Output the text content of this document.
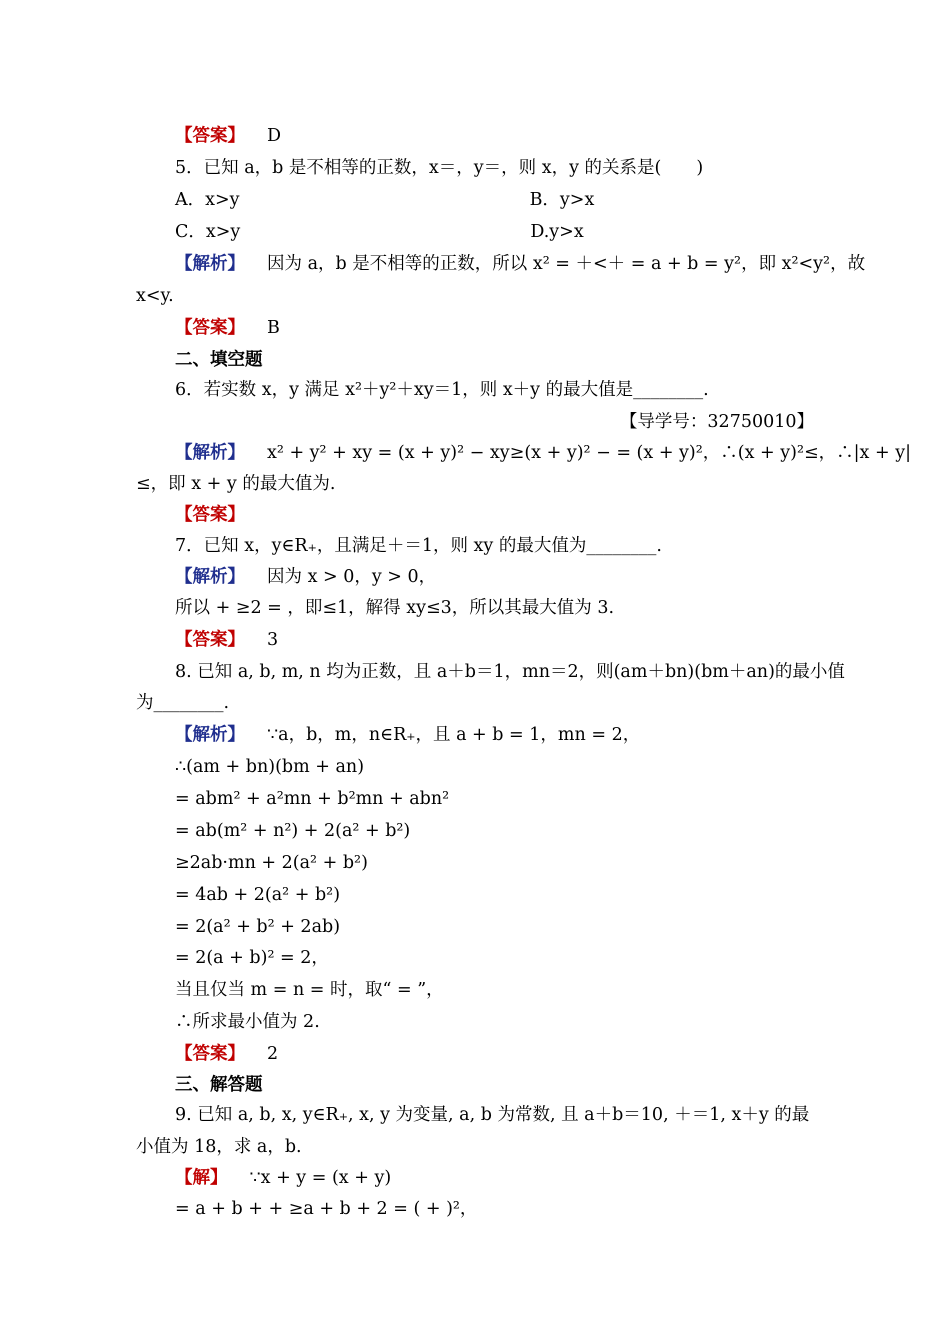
【答案】 D
5．已知 a，b 是不相等的正数，x＝，y＝，则 x，y 的关系是(　　)
A．x>y	B．y>x
C．x>y	D.y>x
【解析】 因为 a，b 是不相等的正数，所以 x² = ＋<＋ = a + b = y²，即 x²<y²，故
x<y.
【答案】 B
二、填空题
6．若实数 x，y 满足 x²＋y²＋xy＝1，则 x＋y 的最大值是________.
【导学号：32750010】
【解析】 x² + y² + xy = (x + y)² − xy≥(x + y)² − = (x + y)²，∴(x + y)²≤，∴|x + y|
≤，即 x + y 的最大值为.
【答案】
7．已知 x，y∈R₊，且满足＋＝1，则 xy 的最大值为________.
【解析】 因为 x > 0，y > 0，
所以 + ≥2 = ，即≤1，解得 xy≤3，所以其最大值为 3.
【答案】 3
8. 已知 a, b, m, n 均为正数，且 a＋b＝1，mn＝2，则(am＋bn)(bm＋an)的最小值
为________.
【解析】 ∵a，b，m，n∈R₊，且 a + b = 1，mn = 2，
∴(am + bn)(bm + an)
= abm² + a²mn + b²mn + abn²
= ab(m² + n²) + 2(a² + b²)
≥2ab·mn + 2(a² + b²)
= 4ab + 2(a² + b²)
= 2(a² + b² + 2ab)
= 2(a + b)² = 2，
当且仅当 m = n = 时，取“ = ”，
∴所求最小值为 2.
【答案】 2
三、解答题
9. 已知 a, b, x, y∈R₊, x, y 为变量, a, b 为常数, 且 a＋b＝10, ＋＝1, x＋y 的最
小值为 18，求 a，b.
【解】 ∵x + y = (x + y)
= a + b + + ≥a + b + 2 = ( + )²，
